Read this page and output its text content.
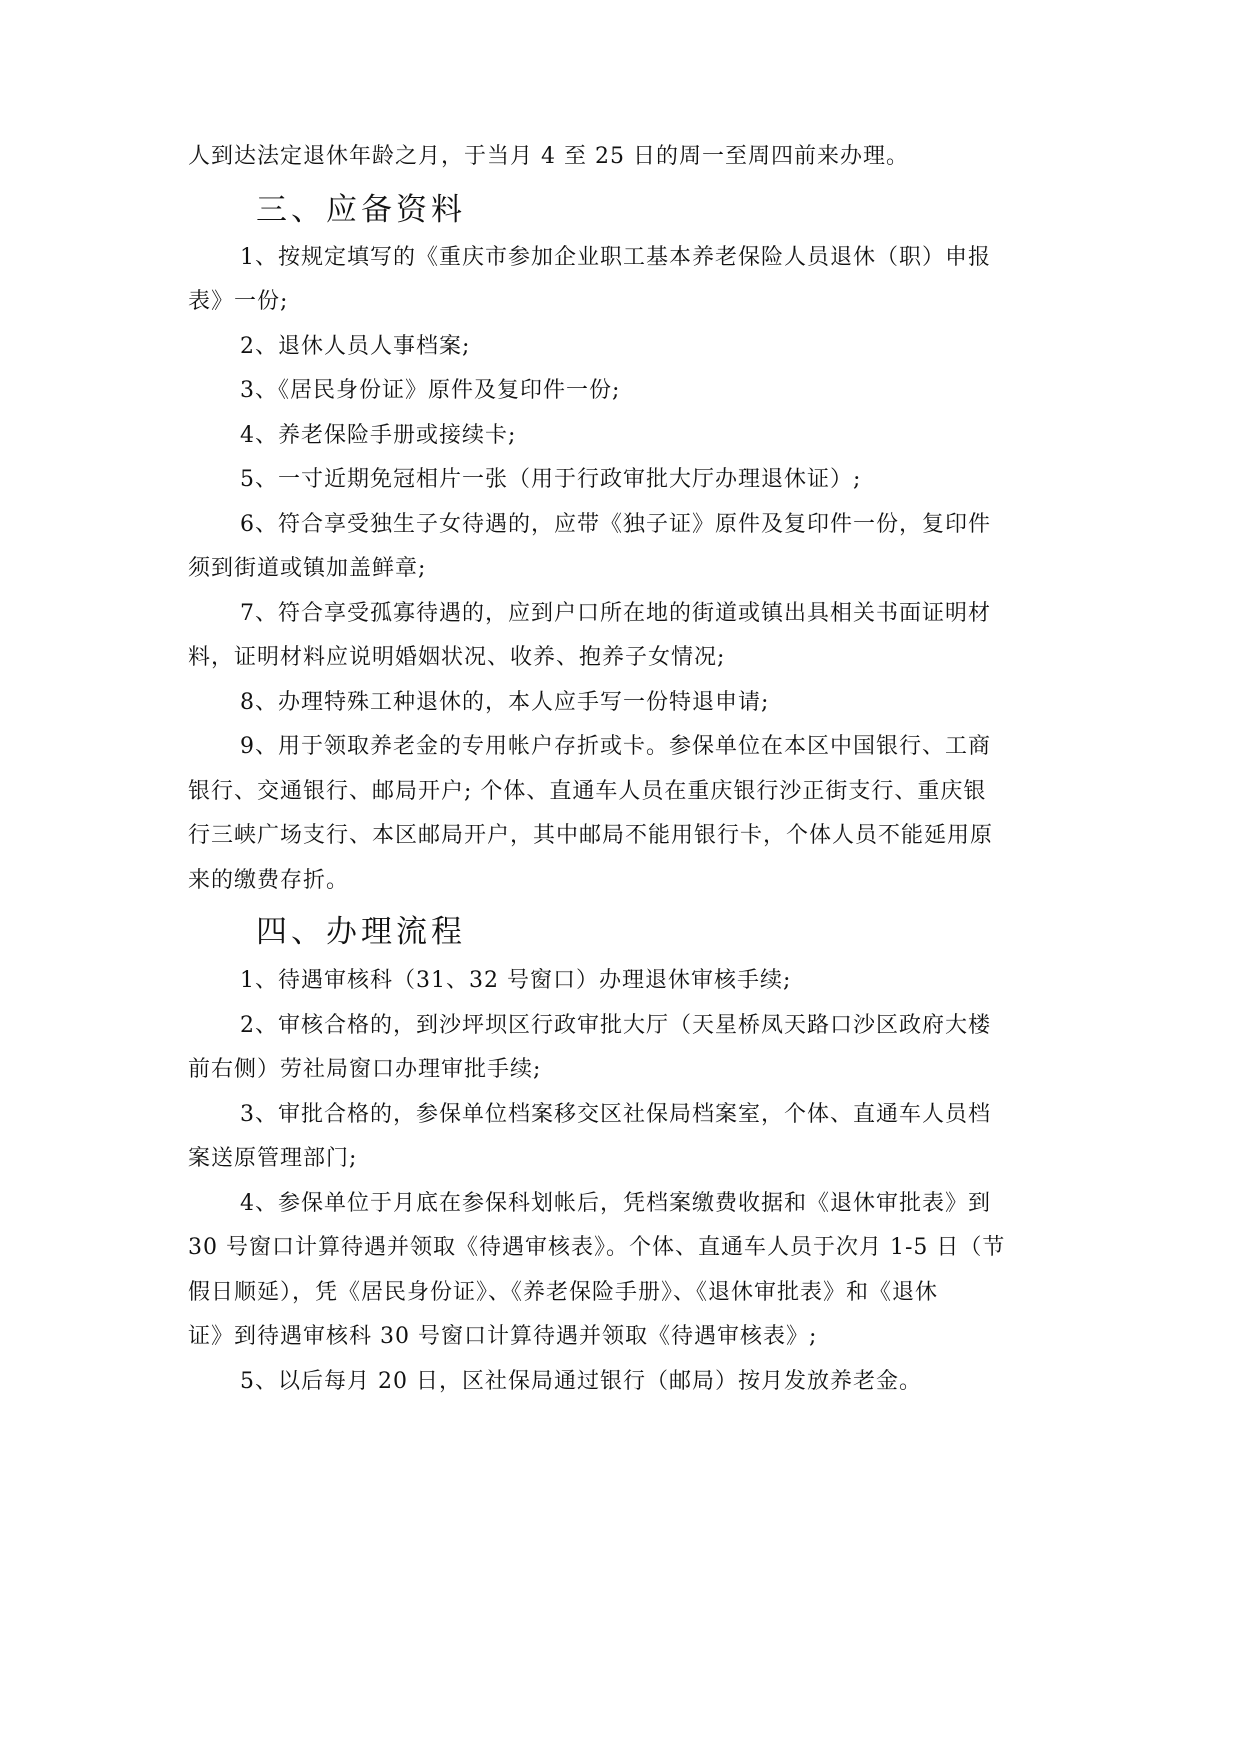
人到达法定退休年龄之月，于当月 4 至 25 日的周一至周四前来办理。
三、应备资料
1、按规定填写的《重庆市参加企业职工基本养老保险人员退休（职）申报
表》一份;
2、退休人员人事档案;
3、《居民身份证》原件及复印件一份;
4、养老保险手册或接续卡;
5、一寸近期免冠相片一张（用于行政审批大厅办理退休证）;
6、符合享受独生子女待遇的，应带《独子证》原件及复印件一份，复印件
须到街道或镇加盖鲜章;
7、符合享受孤寡待遇的，应到户口所在地的街道或镇出具相关书面证明材
料，证明材料应说明婚姻状况、收养、抱养子女情况;
8、办理特殊工种退休的，本人应手写一份特退申请;
9、用于领取养老金的专用帐户存折或卡。参保单位在本区中国银行、工商
银行、交通银行、邮局开户; 个体、直通车人员在重庆银行沙正街支行、重庆银
行三峡广场支行、本区邮局开户，其中邮局不能用银行卡，个体人员不能延用原
来的缴费存折。
四、办理流程
1、待遇审核科（31、32 号窗口）办理退休审核手续;
2、审核合格的，到沙坪坝区行政审批大厅（天星桥凤天路口沙区政府大楼
前右侧）劳社局窗口办理审批手续;
3、审批合格的，参保单位档案移交区社保局档案室，个体、直通车人员档
案送原管理部门;
4、参保单位于月底在参保科划帐后，凭档案缴费收据和《退休审批表》到
30 号窗口计算待遇并领取《待遇审核表》。个体、直通车人员于次月 1-5 日（节
假日顺延），凭《居民身份证》、《养老保险手册》、《退休审批表》和《退休
证》到待遇审核科 30 号窗口计算待遇并领取《待遇审核表》;
5、以后每月 20 日，区社保局通过银行（邮局）按月发放养老金。
